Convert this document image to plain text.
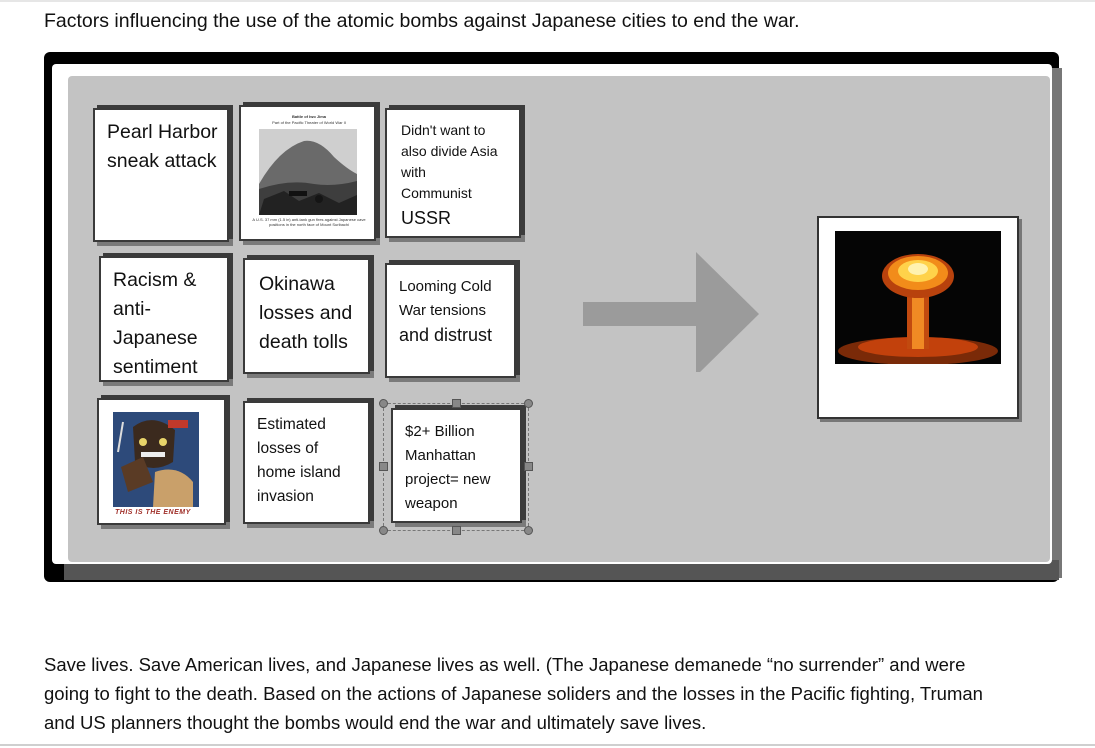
Factors influencing the use of the atomic bombs against Japanese cities to end the war.
Pearl Harbor sneak attack
Battle of Iwo Jima
Part of the Pacific Theater of World War II
A U.S. 37 mm (1.5 in) anti-tank gun fires against Japanese cave positions in the north face of Mount Suribachi
Didn't want to
also divide Asia
with
Communist
USSR
Racism & anti-Japanese sentiment
Okinawa losses and death tolls
Looming Cold
War tensions
and distrust
THIS IS THE ENEMY
Estimated losses of home island invasion
$2+ Billion
Manhattan
project= new
weapon
Save lives. Save American lives, and Japanese lives as well. (The Japanese demanede “no surrender” and were going to fight to the death. Based on the actions of Japanese soliders and the losses in the Pacific fighting, Truman and US planners thought the bombs would end the war and ultimately save lives.
